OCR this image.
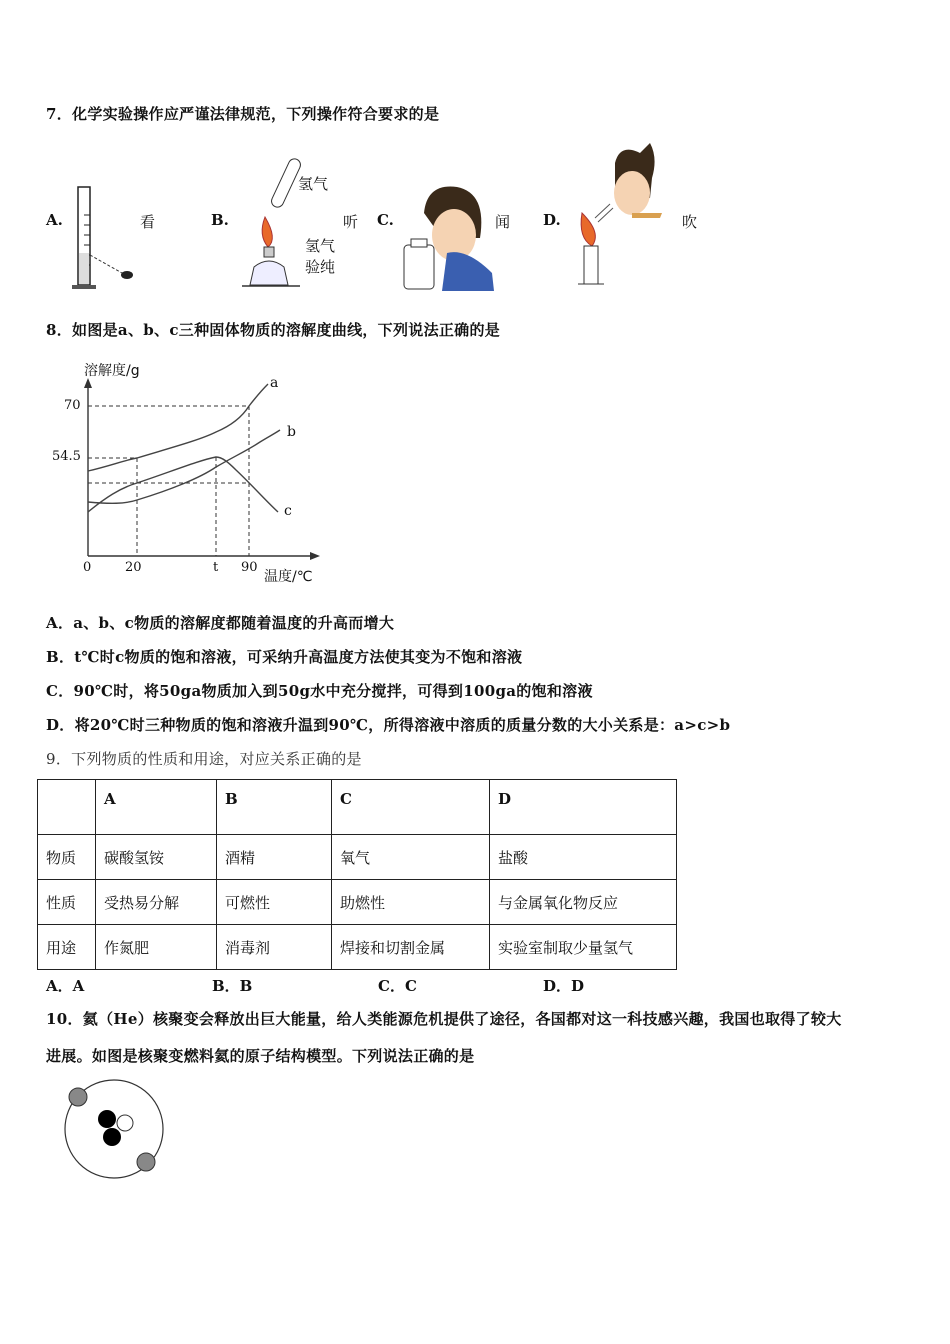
7．化学实验操作应严谨法律规范，下列操作符合要求的是
A.	看	B.
氢气
氢气
验纯
听 C.	闻 D.	吹
8．如图是a、b、c三种固体物质的溶解度曲线，下列说法正确的是
溶解度/g
温度/℃
70
54.5
0	20	t 90
a
b
c
A．a、b、c物质的溶解度都随着温度的升高而增大
B．t℃时c物质的饱和溶液，可采纳升高温度方法使其变为不饱和溶液
C．90℃时，将50ga物质加入到50g水中充分搅拌，可得到100ga的饱和溶液
D．将20℃时三种物质的饱和溶液升温到90℃，所得溶液中溶质的质量分数的大小关系是：a>c>b
9．下列物质的性质和用途，对应关系正确的是
	A	B	C	D
物质	碳酸氢铵	酒精	氧气	盐酸
性质	受热易分解	可燃性	助燃性	与金属氧化物反应
用途	作氮肥	消毒剂	焊接和切割金属	实验室制取少量氢气
A．A	B．B	C．C	D．D
10．氦（He）核聚变会释放出巨大能量，给人类能源危机提供了途径，各国都对这一科技感兴趣，我国也取得了较大
进展。如图是核聚变燃料氦的原子结构模型。下列说法正确的是
